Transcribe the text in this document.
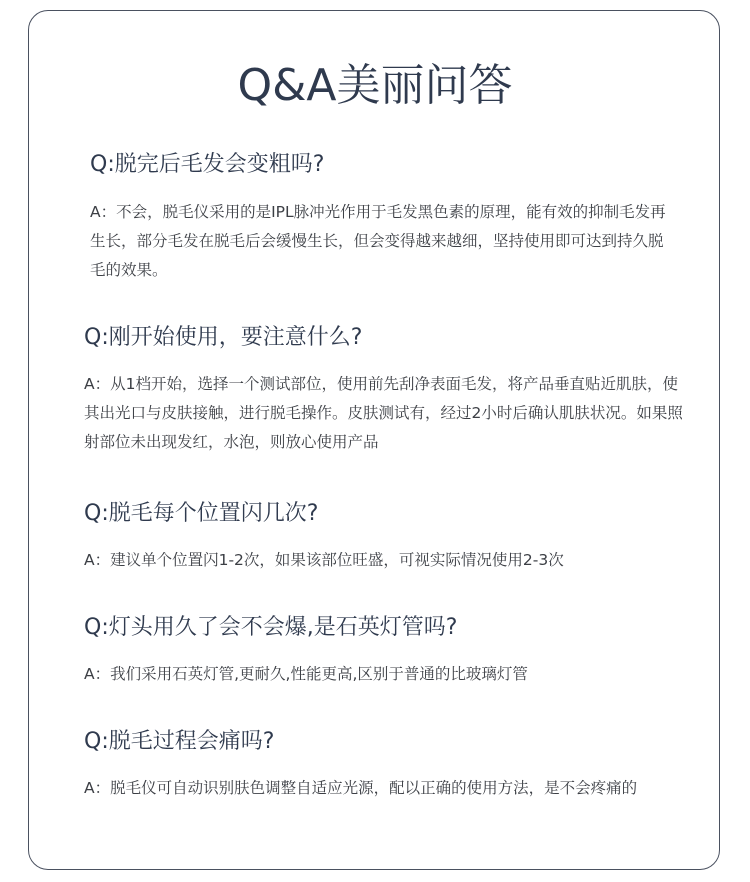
Q&A美丽问答

Q:脱完后毛发会变粗吗?

A：不会，脱毛仪采用的是IPL脉冲光作用于毛发黑色素的原理，能有效的抑制毛发再生长，部分毛发在脱毛后会缓慢生长，但会变得越来越细，坚持使用即可达到持久脱毛的效果。

Q:刚开始使用，要注意什么?

A：从1档开始，选择一个测试部位，使用前先刮净表面毛发，将产品垂直贴近肌肤，使其出光口与皮肤接触，进行脱毛操作。皮肤测试有，经过2小时后确认肌肤状况。如果照射部位未出现发红，水泡，则放心使用产品

Q:脱毛每个位置闪几次?

A：建议单个位置闪1-2次，如果该部位旺盛，可视实际情况使用2-3次

Q:灯头用久了会不会爆,是石英灯管吗?

A：我们采用石英灯管,更耐久,性能更高,区别于普通的比玻璃灯管

Q:脱毛过程会痛吗?

A：脱毛仪可自动识别肤色调整自适应光源，配以正确的使用方法，是不会疼痛的
